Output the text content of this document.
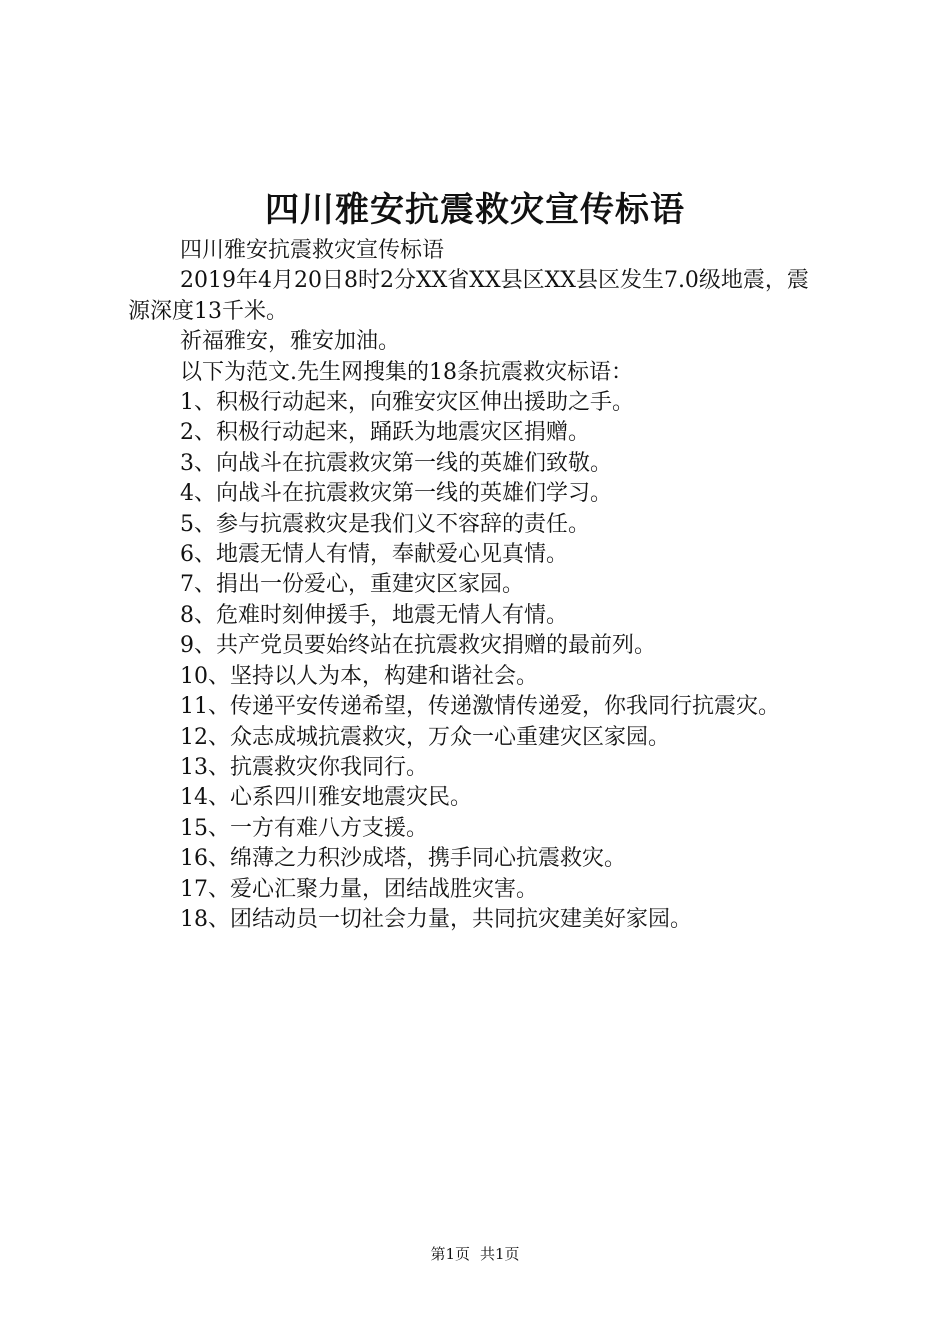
四川雅安抗震救灾宣传标语

四川雅安抗震救灾宣传标语

2019年4月20日8时2分XX省XX县区XX县区发生7.0级地震，震源深度13千米。

祈福雅安，雅安加油。

以下为范文.先生网搜集的18条抗震救灾标语：

1、积极行动起来，向雅安灾区伸出援助之手。

2、积极行动起来，踊跃为地震灾区捐赠。

3、向战斗在抗震救灾第一线的英雄们致敬。

4、向战斗在抗震救灾第一线的英雄们学习。

5、参与抗震救灾是我们义不容辞的责任。

6、地震无情人有情，奉献爱心见真情。

7、捐出一份爱心，重建灾区家园。

8、危难时刻伸援手，地震无情人有情。

9、共产党员要始终站在抗震救灾捐赠的最前列。

10、坚持以人为本，构建和谐社会。

11、传递平安传递希望，传递激情传递爱，你我同行抗震灾。

12、众志成城抗震救灾，万众一心重建灾区家园。

13、抗震救灾你我同行。

14、心系四川雅安地震灾民。

15、一方有难八方支援。

16、绵薄之力积沙成塔，携手同心抗震救灾。

17、爱心汇聚力量，团结战胜灾害。

18、团结动员一切社会力量，共同抗灾建美好家园。

第1页 共1页
